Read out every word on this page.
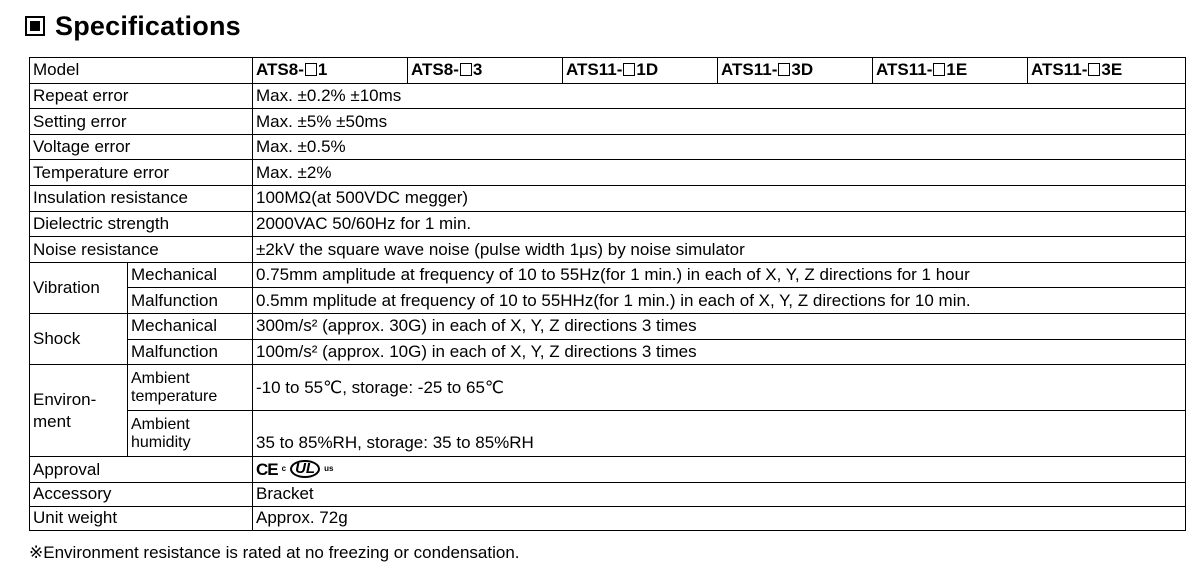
Specifications
Model		ATS8- 1	ATS8- 3	ATS11- 1D	ATS11- 3D	ATS11- 1E	ATS11- 3E
Repeat error		Max. ±0.2% ±10ms					
Setting error		Max. ±5% ±50ms					
Voltage error		Max. ±0.5%					
Temperature error		Max. ±2%					
Insulation resistance		100MΩ(at 500VDC megger)					
Dielectric strength		2000VAC 50/60Hz for 1 min.					
Noise resistance		±2kV the square wave noise (pulse width 1μs) by noise simulator					
Vibration	Mechanical	0.75mm amplitude at frequency of 10 to 55Hz(for 1 min.) in each of X, Y, Z directions for 1 hour					
	Malfunction	0.5mm mplitude at frequency of 10 to 55HHz(for 1 min.) in each of X, Y, Z directions for 10 min.					
Shock	Mechanical	300m/s² (approx. 30G) in each of X, Y, Z directions 3 times					
	Malfunction	100m/s² (approx. 10G) in each of X, Y, Z directions 3 times					
Environ- ment	Ambient temperature	-10 to 55℃, storage: -25 to 65℃					
	Ambient humidity	35 to 85%RH, storage: 35 to 85%RH					
Approval		CE c UL us					

Accessory		Bracket					
Unit weight		Approx. 72g					
※Environment resistance is rated at no freezing or condensation.
